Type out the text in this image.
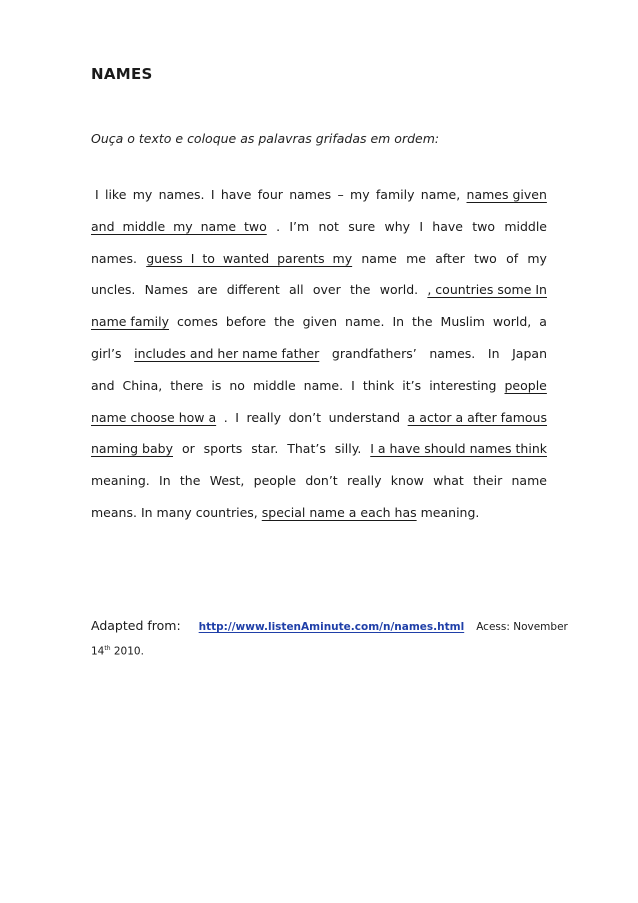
NAMES
Ouça o texto e coloque as palavras grifadas em ordem:
I like my names. I have four names – my family name, names given
and  middle  my  name  two . I’m not sure why I have two middle
names. guess  I  to  wanted  parents  my name me after two of my
uncles. Names are different all over the world. , countries some In
name family comes before the given name. In the Muslim world, a
girl’s includes and her name father grandfathers’ names. In Japan
and China, there is no middle name. I think it’s interesting people
name choose how a . I really don’t understand a actor a after famous
naming baby or sports star. That’s silly. I a have should names think
meaning. In the West, people don’t really know what their name
means. In many countries, special name a each has meaning.
Adapted from: http://www.listenAminute.com/n/names.html Acess: November
14th 2010.
